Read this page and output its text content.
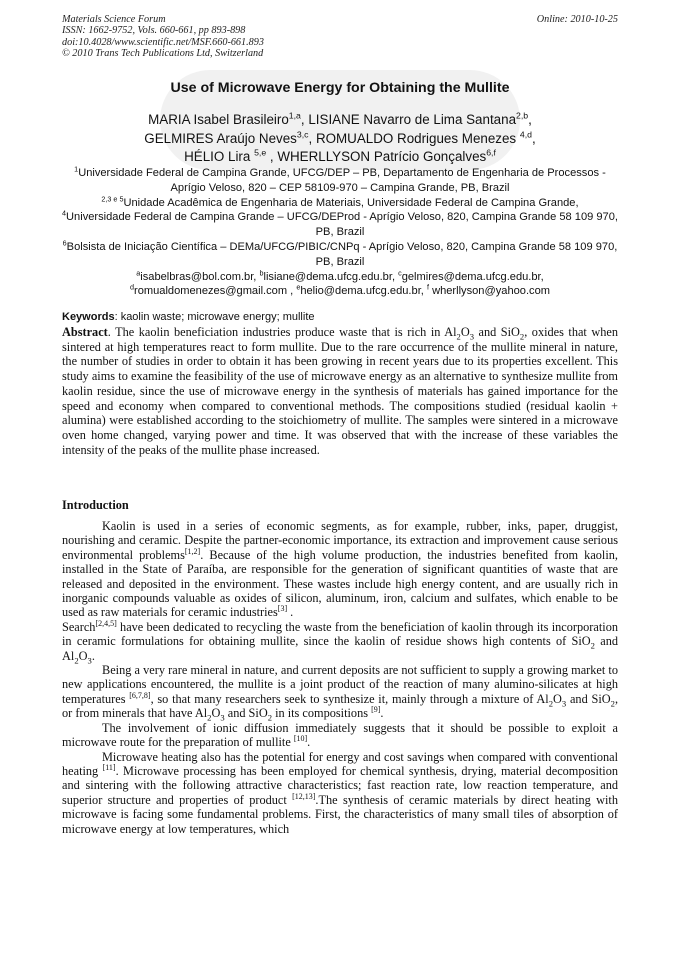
Materials Science Forum
ISSN: 1662-9752, Vols. 660-661, pp 893-898
doi:10.4028/www.scientific.net/MSF.660-661.893
© 2010 Trans Tech Publications Ltd, Switzerland
Online: 2010-10-25
Use of Microwave Energy for Obtaining the Mullite

MARIA Isabel Brasileiro$^{1,a}$, LISIANE Navarro de Lima Santana$^{2,b}$,

GELMIRES Araújo Neves$^{3,c}$, ROMUALDO Rodrigues Menezes $^{4,d}$,

HÉLIO Lira $^{5,e}$ , WHERLLYSON Patrício Gonçalves$^{6,f}$

$^1$Universidade Federal de Campina Grande, UFCG/DEP – PB, Departamento de Engenharia de Processos - Aprígio Veloso, 820 – CEP 58109-970 – Campina Grande, PB, Brazil

$^{2,3 e 5}$Unidade Acadêmica de Engenharia de Materiais, Universidade Federal de Campina Grande,

$^4$Universidade Federal de Campina Grande – UFCG/DEProd - Aprígio Veloso, 820, Campina Grande 58 109 970, PB, Brazil

$^6$Bolsista de Iniciação Científica – DEMa/UFCG/PIBIC/CNPq - Aprígio Veloso, 820, Campina Grande 58 109 970, PB, Brazil

$^a$isabelbras@bol.com.br, $^b$lisiane@dema.ufcg.edu.br, $^c$gelmires@dema.ufcg.edu.br,

$^d$romualdomenezes@gmail.com , $^e$helio@dema.ufcg.edu.br, $^f$ wherllyson@yahoo.com

Keywords: kaolin waste; microwave energy; mullite

Abstract. The kaolin beneficiation industries produce waste that is rich in $Al_2O_3$ and SiO$_2$, oxides that when sintered at high temperatures react to form mullite. Due to the rare occurrence of the mullite mineral in nature, the number of studies in order to obtain it has been growing in recent years due to its properties excellent. This study aims to examine the feasibility of the use of microwave energy as an alternative to synthesize mullite from kaolin residue, since the use of microwave energy in the synthesis of materials has gained importance for the speed and economy when compared to conventional methods. The compositions studied (residual kaolin + alumina) were established according to the stoichiometry of mullite. The samples were sintered in a microwave oven home changed, varying power and time. It was observed that with the increase of these variables the intensity of the peaks of the mullite phase increased.

Introduction

Kaolin is used in a series of economic segments, as for example, rubber, inks, paper, druggist, nourishing and ceramic. Despite the partner-economic importance, its extraction and improvement cause serious environmental problems[1,2]. Because of the high volume production, the industries benefited from kaolin, installed in the State of Paraíba, are responsible for the generation of significant quantities of waste that are released and deposited in the environment. These wastes include high energy content, and are usually rich in inorganic compounds valuable as oxides of silicon, aluminum, iron, calcium and sulfates, which enable to be used as raw materials for ceramic industries[3] .

Search[2,4,5] have been dedicated to recycling the waste from the beneficiation of kaolin through its incorporation in ceramic formulations for obtaining mullite, since the kaolin of residue shows high contents of SiO$_2$ and $Al_2O_3$.

Being a very rare mineral in nature, and current deposits are not sufficient to supply a growing market to new applications encountered, the mullite is a joint product of the reaction of many alumino-silicates at high temperatures [6,7,8], so that many researchers seek to synthesize it, mainly through a mixture of $Al_2O_3$ and SiO$_2$, or from minerals that have $Al_2O_3$ and SiO$_2$ in its compositions [9].

The involvement of ionic diffusion immediately suggests that it should be possible to exploit a microwave route for the preparation of mullite [10].

Microwave heating also has the potential for energy and cost savings when compared with conventional heating [11]. Microwave processing has been employed for chemical synthesis, drying, material decomposition and sintering with the following attractive characteristics; fast reaction rate, low reaction temperature, and superior structure and properties of product [12,13].The synthesis of ceramic materials by direct heating with microwave is facing some fundamental problems. First, the characteristics of many small tiles of absorption of microwave energy at low temperatures, which
